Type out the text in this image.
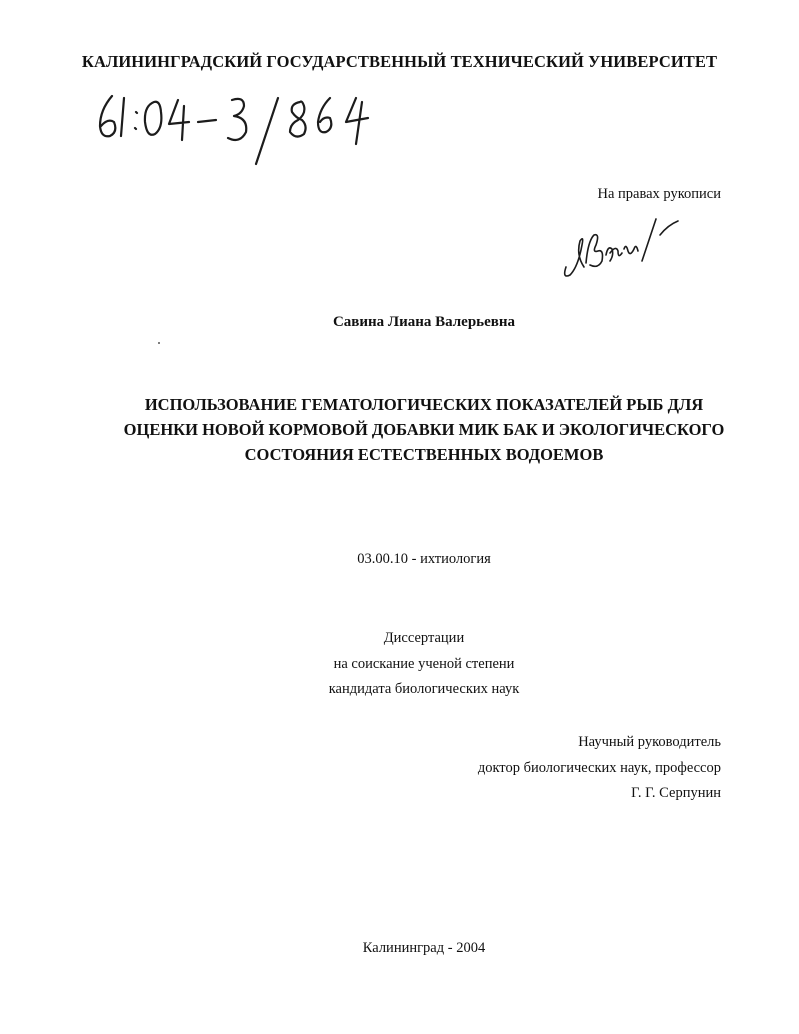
КАЛИНИНГРАДСКИЙ ГОСУДАРСТВЕННЫЙ ТЕХНИЧЕСКИЙ УНИВЕРСИТЕТ
На правах рукописи
Савина Лиана Валерьевна
ИСПОЛЬЗОВАНИЕ ГЕМАТОЛОГИЧЕСКИХ ПОКАЗАТЕЛЕЙ РЫБ ДЛЯ
ОЦЕНКИ НОВОЙ КОРМОВОЙ ДОБАВКИ МИК БАК И ЭКОЛОГИЧЕСКОГО
СОСТОЯНИЯ ЕСТЕСТВЕННЫХ ВОДОЕМОВ
03.00.10 - ихтиология
Диссертации
на соискание ученой степени
кандидата биологических наук
Научный руководитель
доктор биологических наук, профессор
Г. Г. Серпунин
Калининград - 2004
